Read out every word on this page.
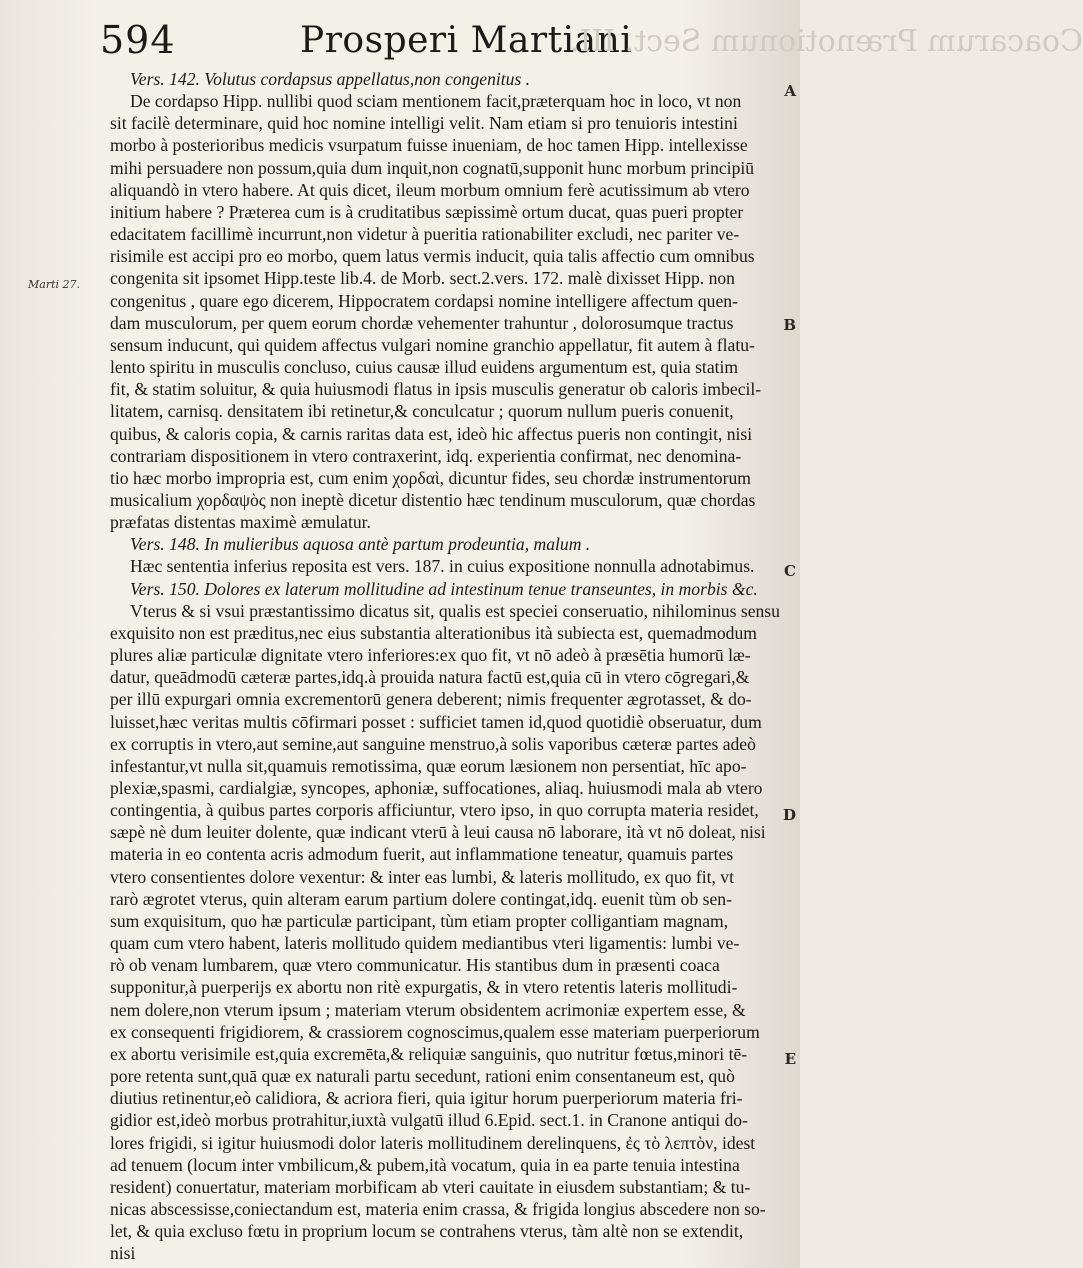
594	Prosperi Martiani
Coacarum Prænotionum Sect. III.
Marti 27.
A
B
C
D
E
Vers. 142. Volutus cordapsus appellatus,non congenitus .
De cordapso Hipp. nullibi quod sciam mentionem facit,præterquam hoc in loco, vt non
sit facilè determinare, quid hoc nomine intelligi velit. Nam etiam si pro tenuioris intestini
morbo à posterioribus medicis vsurpatum fuisse inueniam, de hoc tamen Hipp. intellexisse
mihi persuadere non possum,quia dum inquit,non cognatū,supponit hunc morbum principiū
aliquandò in vtero habere. At quis dicet, ileum morbum omnium ferè acutissimum ab vtero
initium habere ? Præterea cum is à cruditatibus sæpissimè ortum ducat, quas pueri propter
edacitatem facillimè incurrunt,non videtur à pueritia rationabiliter excludi, nec pariter ve-
risimile est accipi pro eo morbo, quem latus vermis inducit, quia talis affectio cum omnibus
congenita sit ipsomet Hipp.teste lib.4. de Morb. sect.2.vers. 172. malè dixisset Hipp. non
congenitus , quare ego dicerem, Hippocratem cordapsi nomine intelligere affectum quen-
dam musculorum, per quem eorum chordæ vehementer trahuntur , dolorosumque tractus
sensum inducunt, qui quidem affectus vulgari nomine granchio appellatur, fit autem à flatu-
lento spiritu in musculis concluso, cuius causæ illud euidens argumentum est, quia statim
fit, & statim soluitur, & quia huiusmodi flatus in ipsis musculis generatur ob caloris imbecil-
litatem, carnisq. densitatem ibi retinetur,& conculcatur ; quorum nullum pueris conuenit,
quibus, & caloris copia, & carnis raritas data est, ideò hic affectus pueris non contingit, nisi
contrariam dispositionem in vtero contraxerint, idq. experientia confirmat, nec denomina-
tio hæc morbo impropria est, cum enim χορδαὶ, dicuntur fides, seu chordæ instrumentorum
musicalium χορδαψὸς non ineptè dicetur distentio hæc tendinum musculorum, quæ chordas
præfatas distentas maximè æmulatur.
Vers. 148. In mulieribus aquosa antè partum prodeuntia, malum .
Hæc sententia inferius reposita est vers. 187. in cuius expositione nonnulla adnotabimus.
Vers. 150. Dolores ex laterum mollitudine ad intestinum tenue transeuntes, in morbis &c.
Vterus & si vsui præstantissimo dicatus sit, qualis est speciei conseruatio, nihilominus sensu
exquisito non est præditus,nec eius substantia alterationibus ità subiecta est, quemadmodum
plures aliæ particulæ dignitate vtero inferiores:ex quo fit, vt nō adeò à præsētia humorū læ-
datur, queādmodū cæteræ partes,idq.à prouida natura factū est,quia cū in vtero cōgregari,&
per illū expurgari omnia excrementorū genera deberent; nimis frequenter ægrotasset, & do-
luisset,hæc veritas multis cōfirmari posset : sufficiet tamen id,quod quotidiè obseruatur, dum
ex corruptis in vtero,aut semine,aut sanguine menstruo,à solis vaporibus cæteræ partes adeò
infestantur,vt nulla sit,quamuis remotissima, quæ eorum læsionem non persentiat, hīc apo-
plexiæ,spasmi, cardialgiæ, syncopes, aphoniæ, suffocationes, aliaq. huiusmodi mala ab vtero
contingentia, à quibus partes corporis afficiuntur, vtero ipso, in quo corrupta materia residet,
sæpè nè dum leuiter dolente, quæ indicant vterū à leui causa nō laborare, ità vt nō doleat, nisi
materia in eo contenta acris admodum fuerit, aut inflammatione teneatur, quamuis partes
vtero consentientes dolore vexentur: & inter eas lumbi, & lateris mollitudo, ex quo fit, vt
rarò ægrotet vterus, quin alteram earum partium dolere contingat,idq. euenit tùm ob sen-
sum exquisitum, quo hæ particulæ participant, tùm etiam propter colligantiam magnam,
quam cum vtero habent, lateris mollitudo quidem mediantibus vteri ligamentis: lumbi ve-
rò ob venam lumbarem, quæ vtero communicatur. His stantibus dum in præsenti coaca
supponitur,à puerperijs ex abortu non ritè expurgatis, & in vtero retentis lateris mollitudi-
nem dolere,non vterum ipsum ; materiam vterum obsidentem acrimoniæ expertem esse, &
ex consequenti frigidiorem, & crassiorem cognoscimus,qualem esse materiam puerperiorum
ex abortu verisimile est,quia excremēta,& reliquiæ sanguinis, quo nutritur fœtus,minori tē-
pore retenta sunt,quā quæ ex naturali partu secedunt, rationi enim consentaneum est, quò
diutius retinentur,eò calidiora, & acriora fieri, quia igitur horum puerperiorum materia fri-
gidior est,ideò morbus protrahitur,iuxtà vulgatū illud 6.Epid. sect.1. in Cranone antiqui do-
lores frigidi, si igitur huiusmodi dolor lateris mollitudinem derelinquens, ἐς τὸ λεπτὸν, idest
ad tenuem (locum inter vmbilicum,& pubem,ità vocatum, quia in ea parte tenuia intestina
resident) conuertatur, materiam morbificam ab vteri cauitate in eiusdem substantiam; & tu-
nicas abscessisse,coniectandum est, materia enim crassa, & frigida longius abscedere non so-
let, & quia excluso fœtu in proprium locum se contrahens vterus, tàm altè non se extendit,
nisi
